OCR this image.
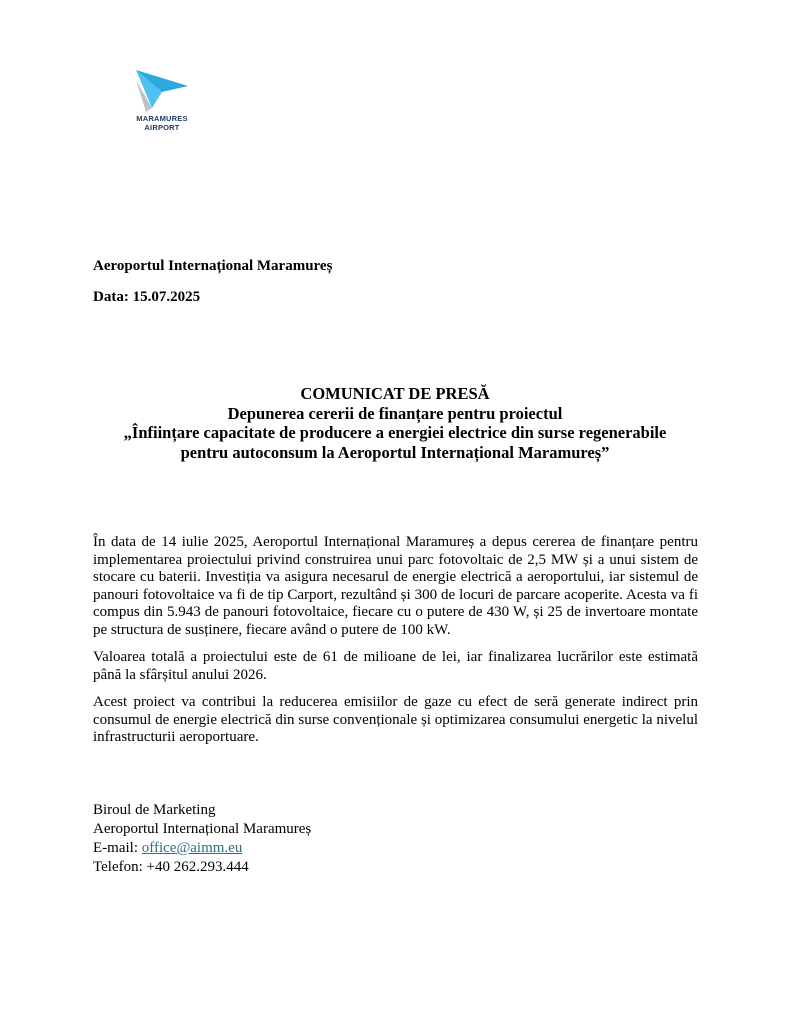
MARAMURES
AIRPORT
Aeroportul Internațional Maramureș
Data: 15.07.2025
COMUNICAT DE PRESĂ
Depunerea cererii de finanțare pentru proiectul
„Înființare capacitate de producere a energiei electrice din surse regenerabile
pentru autoconsum la Aeroportul Internațional Maramureș”

În data de 14 iulie 2025, Aeroportul Internațional Maramureș a depus cererea de finanțare pentru implementarea proiectului privind construirea unui parc fotovoltaic de 2,5 MW și a unui sistem de stocare cu baterii. Investiția va asigura necesarul de energie electrică a aeroportului, iar sistemul de panouri fotovoltaice va fi de tip Carport, rezultând și 300 de locuri de parcare acoperite. Acesta va fi compus din 5.943 de panouri fotovoltaice, fiecare cu o putere de 430 W, și 25 de invertoare montate pe structura de susținere, fiecare având o putere de 100 kW.

Valoarea totală a proiectului este de 61 de milioane de lei, iar finalizarea lucrărilor este estimată până la sfârșitul anului 2026.

Acest proiect va contribui la reducerea emisiilor de gaze cu efect de seră generate indirect prin consumul de energie electrică din surse convenționale și optimizarea consumului energetic la nivelul infrastructurii aeroportuare.

Biroul de Marketing
Aeroportul Internațional Maramureș
E-mail: office@aimm.eu
Telefon: +40 262.293.444
